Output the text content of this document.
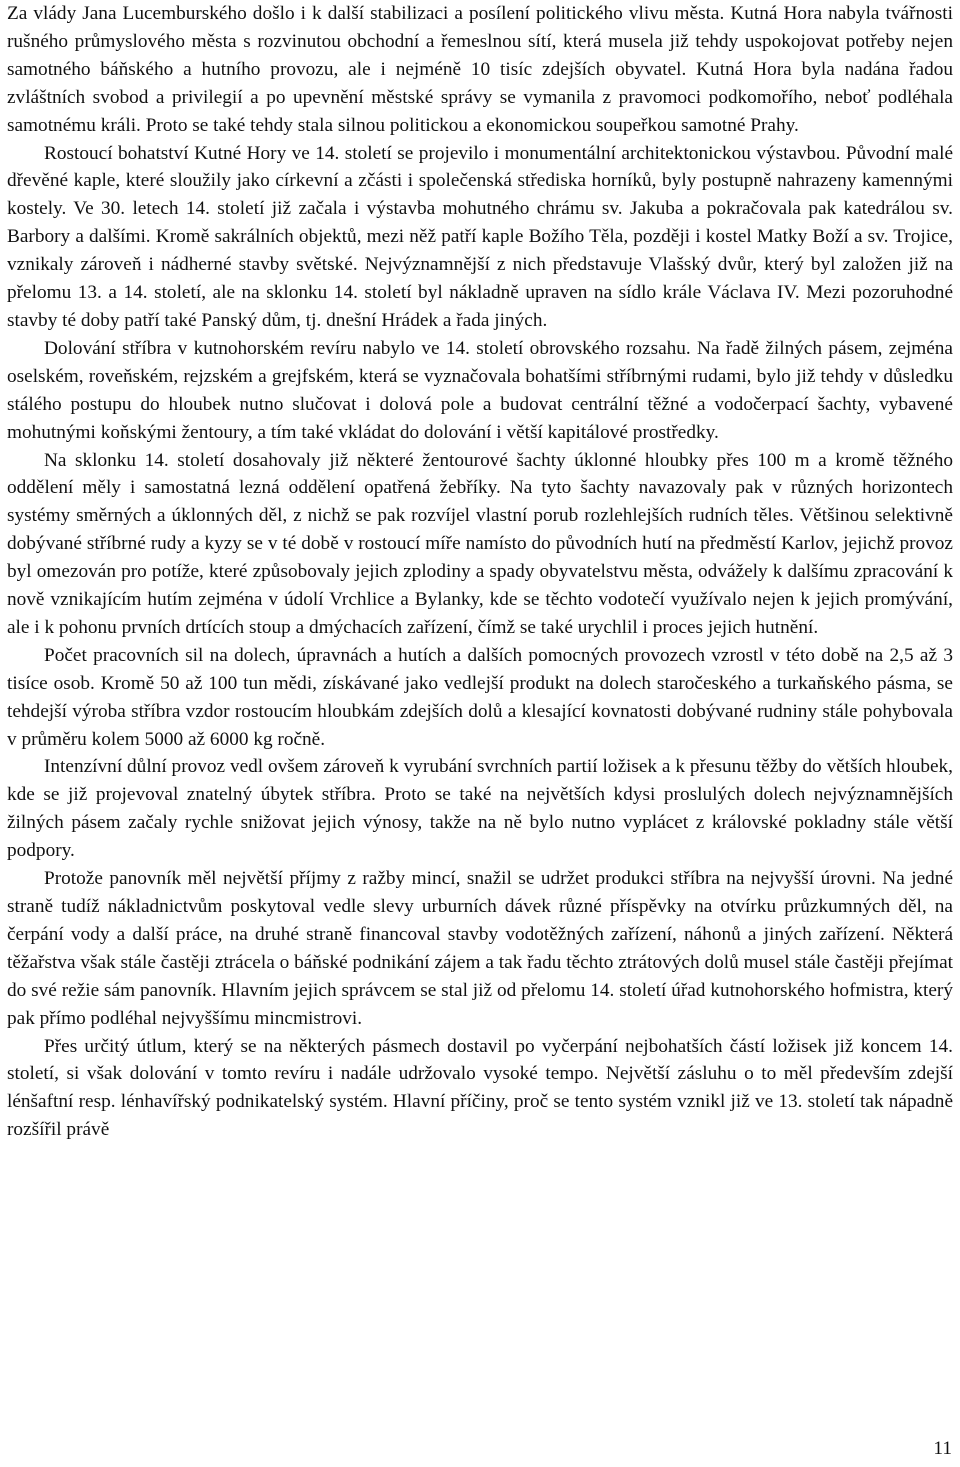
Za vlády Jana Lucemburského došlo i k další stabilizaci a posílení politického vlivu města. Kutná Hora nabyla tvářnosti rušného průmyslového města s rozvinutou obchodní a řemeslnou sítí, která musela již tehdy uspokojovat potřeby nejen samotného báňského a hutního provozu, ale i nejméně 10 tisíc zdejších obyvatel. Kutná Hora byla nadána řadou zvláštních svobod a privilegií a po upevnění městské správy se vymanila z pravomoci podkomořího, neboť podléhala samotnému králi. Proto se také tehdy stala silnou politickou a ekonomickou soupeřkou samotné Prahy.

Rostoucí bohatství Kutné Hory ve 14. století se projevilo i monumentální architektonickou výstavbou. Původní malé dřevěné kaple, které sloužily jako církevní a zčásti i společenská střediska horníků, byly postupně nahrazeny kamennými kostely. Ve 30. letech 14. století již začala i výstavba mohutného chrámu sv. Jakuba a pokračovala pak katedrálou sv. Barbory a dalšími. Kromě sakrálních objektů, mezi něž patří kaple Božího Těla, později i kostel Matky Boží a sv. Trojice, vznikaly zároveň i nádherné stavby světské. Nejvýznamnější z nich představuje Vlašský dvůr, který byl založen již na přelomu 13. a 14. století, ale na sklonku 14. století byl nákladně upraven na sídlo krále Václava IV. Mezi pozoruhodné stavby té doby patří také Panský dům, tj. dnešní Hrádek a řada jiných.

Dolování stříbra v kutnohorském revíru nabylo ve 14. století obrovského rozsahu. Na řadě žilných pásem, zejména oselském, roveňském, rejzském a grejfském, která se vyznačovala bohatšími stříbrnými rudami, bylo již tehdy v důsledku stálého postupu do hloubek nutno slučovat i dolová pole a budovat centrální těžné a vodočerpací šachty, vybavené mohutnými koňskými žentoury, a tím také vkládat do dolování i větší kapitálové prostředky.

Na sklonku 14. století dosahovaly již některé žentourové šachty úklonné hloubky přes 100 m a kromě těžného oddělení měly i samostatná lezná oddělení opatřená žebříky. Na tyto šachty navazovaly pak v různých horizontech systémy směrných a úklonných děl, z nichž se pak rozvíjel vlastní porub rozlehlejších rudních těles. Většinou selektivně dobývané stříbrné rudy a kyzy se v té době v rostoucí míře namísto do původních hutí na předměstí Karlov, jejichž provoz byl omezován pro potíže, které způsobovaly jejich zplodiny a spady obyvatelstvu města, odvážely k dalšímu zpracování k nově vznikajícím hutím zejména v údolí Vrchlice a Bylanky, kde se těchto vodotečí využívalo nejen k jejich promývání, ale i k pohonu prvních drtících stoup a dmýchacích zařízení, čímž se také urychlil i proces jejich hutnění.

Počet pracovních sil na dolech, úpravnách a hutích a dalších pomocných provozech vzrostl v této době na 2,5 až 3 tisíce osob. Kromě 50 až 100 tun mědi, získávané jako vedlejší produkt na dolech staročeského a turkaňského pásma, se tehdejší výroba stříbra vzdor rostoucím hloubkám zdejších dolů a klesající kovnatosti dobývané rudniny stále pohybovala v průměru kolem 5000 až 6000 kg ročně.

Intenzívní důlní provoz vedl ovšem zároveň k vyrubání svrchních partií ložisek a k přesunu těžby do větších hloubek, kde se již projevoval znatelný úbytek stříbra. Proto se také na největších kdysi proslulých dolech nejvýznamnějších žilných pásem začaly rychle snižovat jejich výnosy, takže na ně bylo nutno vyplácet z královské pokladny stále větší podpory.

Protože panovník měl největší příjmy z ražby mincí, snažil se udržet produkci stříbra na nejvyšší úrovni. Na jedné straně tudíž nákladnictvům poskytoval vedle slevy urburních dávek různé příspěvky na otvírku průzkumných děl, na čerpání vody a další práce, na druhé straně financoval stavby vodotěžných zařízení, náhonů a jiných zařízení. Některá těžařstva však stále častěji ztrácela o báňské podnikání zájem a tak řadu těchto ztrátových dolů musel stále častěji přejímat do své režie sám panovník. Hlavním jejich správcem se stal již od přelomu 14. století úřad kutnohorského hofmistra, který pak přímo podléhal nejvyššímu mincmistrovi.

Přes určitý útlum, který se na některých pásmech dostavil po vyčerpání nejbohatších částí ložisek již koncem 14. století, si však dolování v tomto revíru i nadále udržovalo vysoké tempo. Největší zásluhu o to měl především zdejší lénšaftní resp. lénhavířský podnikatelský systém. Hlavní příčiny, proč se tento systém vznikl již ve 13. století tak nápadně rozšířil právě

11
